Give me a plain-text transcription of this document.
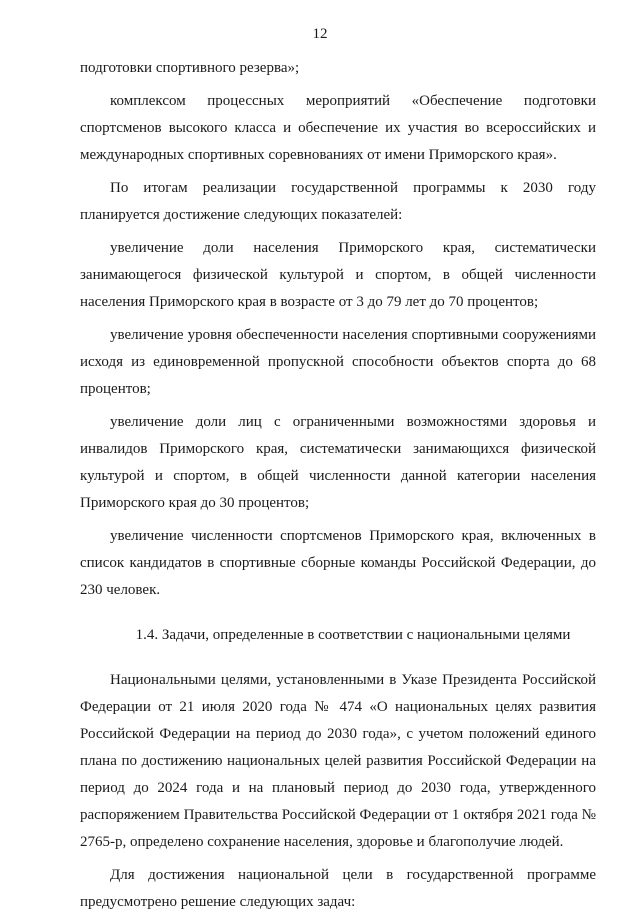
12

подготовки спортивного резерва»;

комплексом процессных мероприятий «Обеспечение подготовки спортсменов высокого класса и обеспечение их участия во всероссийских и международных спортивных соревнованиях от имени Приморского края».

По итогам реализации государственной программы к 2030 году планируется достижение следующих показателей:

увеличение доли населения Приморского края, систематически занимающегося физической культурой и спортом, в общей численности населения Приморского края в возрасте от 3 до 79 лет до 70 процентов;

увеличение уровня обеспеченности населения спортивными сооружениями исходя из единовременной пропускной способности объектов спорта до 68 процентов;

увеличение доли лиц с ограниченными возможностями здоровья и инвалидов Приморского края, систематически занимающихся физической культурой и спортом, в общей численности данной категории населения Приморского края до 30 процентов;

увеличение численности спортсменов Приморского края, включенных в список кандидатов в спортивные сборные команды Российской Федерации, до 230 человек.

1.4. Задачи, определенные в соответствии с национальными целями

Национальными целями, установленными в Указе Президента Российской Федерации от 21 июля 2020 года № 474 «О национальных целях развития Российской Федерации на период до 2030 года», с учетом положений единого плана по достижению национальных целей развития Российской Федерации на период до 2024 года и на плановый период до 2030 года, утвержденного распоряжением Правительства Российской Федерации от 1 октября 2021 года № 2765-р, определено сохранение населения, здоровье и благополучие людей.

Для достижения национальной цели в государственной программе предусмотрено решение следующих задач:
